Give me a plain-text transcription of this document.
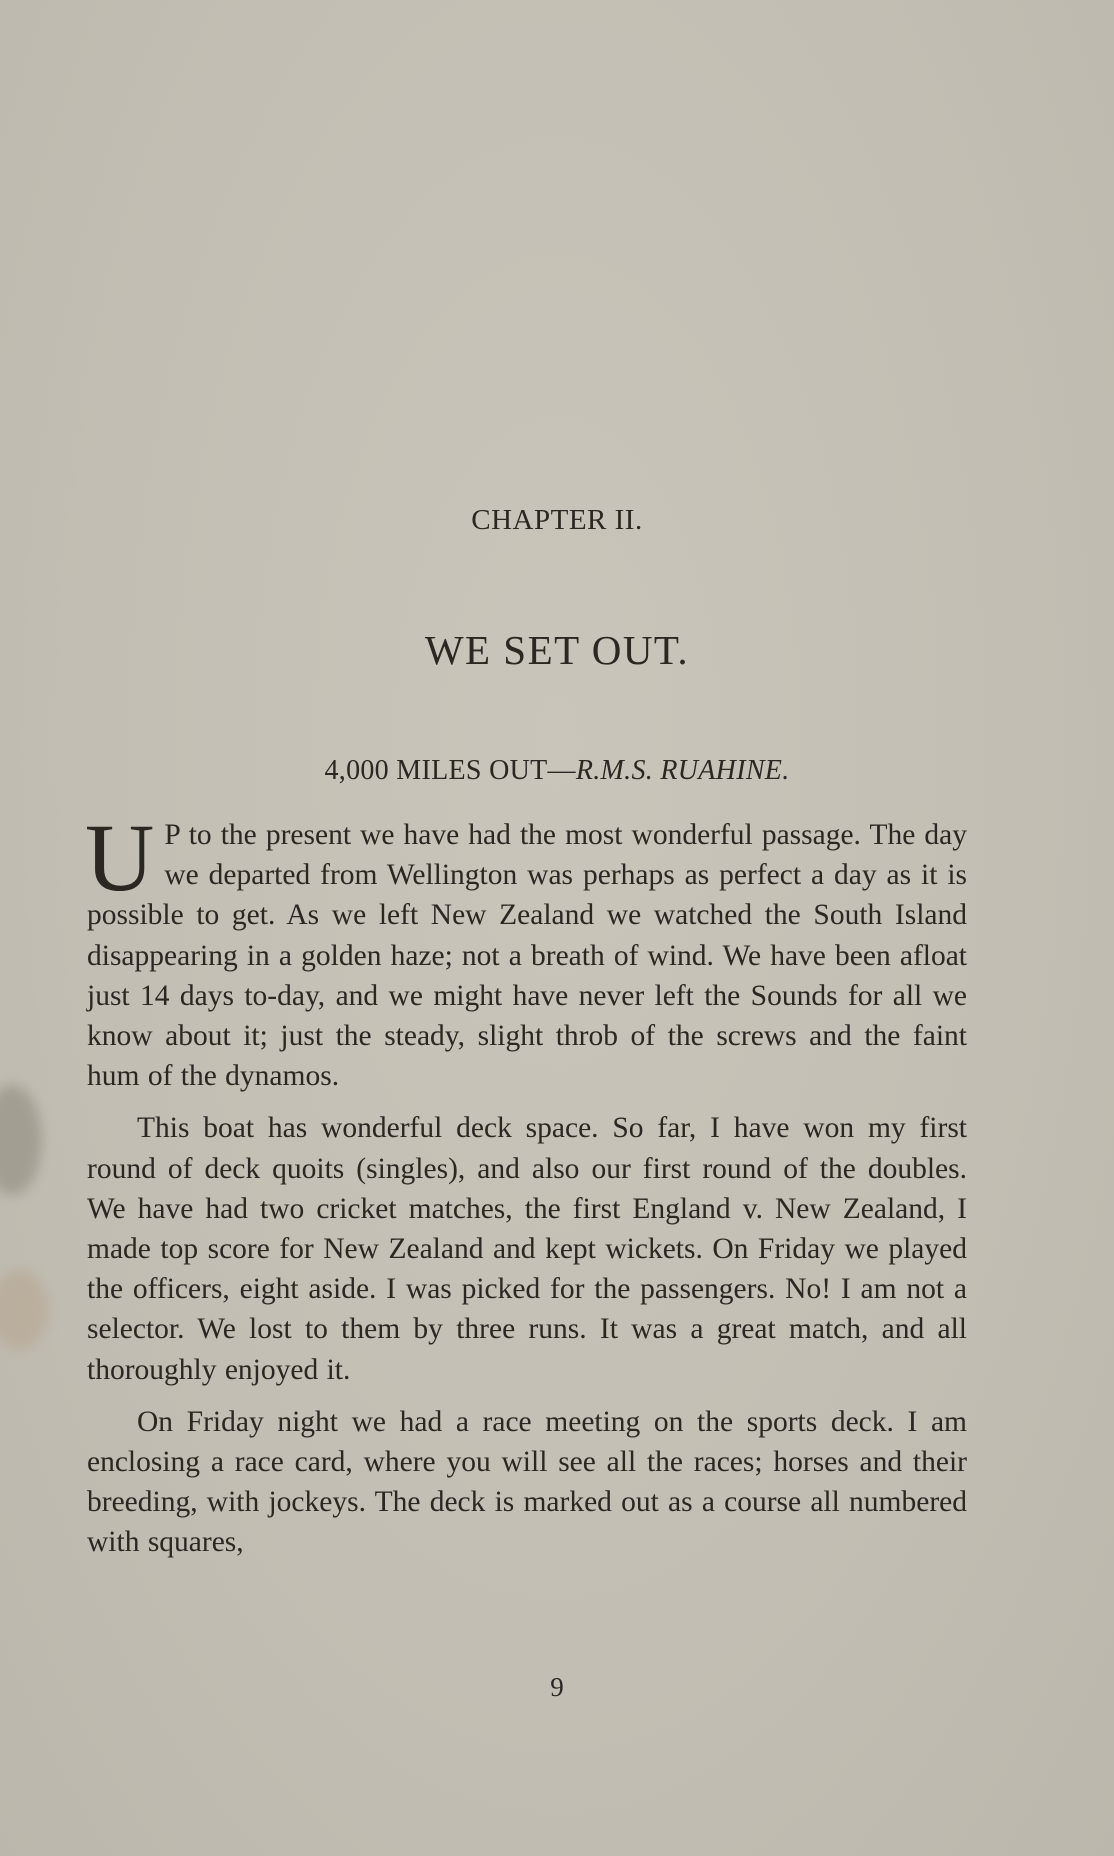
CHAPTER II.
WE SET OUT.
4,000 MILES OUT—R.M.S. RUAHINE.

U P to the present we have had the most wonderful passage. The day we departed from Wellington was perhaps as perfect a day as it is possible to get. As we left New Zealand we watched the South Island disappearing in a golden haze; not a breath of wind. We have been afloat just 14 days to-day, and we might have never left the Sounds for all we know about it; just the steady, slight throb of the screws and the faint hum of the dynamos.

This boat has wonderful deck space. So far, I have won my first round of deck quoits (singles), and also our first round of the doubles. We have had two cricket matches, the first England v. New Zealand, I made top score for New Zealand and kept wickets. On Friday we played the officers, eight aside. I was picked for the passengers. No! I am not a selector. We lost to them by three runs. It was a great match, and all thoroughly enjoyed it.

On Friday night we had a race meeting on the sports deck. I am enclosing a race card, where you will see all the races; horses and their breeding, with jockeys. The deck is marked out as a course all numbered with squares,

9
